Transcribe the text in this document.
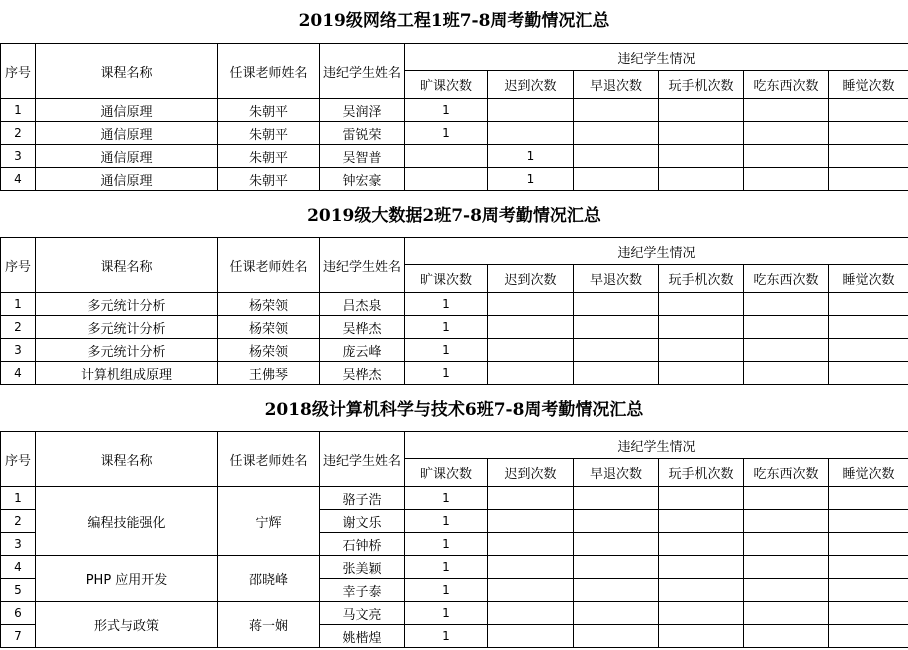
2019级网络工程1班7-8周考勤情况汇总
序号	课程名称	任课老师姓名	违纪学生姓名	违纪学生情况					
				旷课次数	迟到次数	早退次数	玩手机次数	吃东西次数	睡觉次数
1	通信原理	朱朝平	吴润泽	1					
2	通信原理	朱朝平	雷锐荣	1					
3	通信原理	朱朝平	吴智普		1				
4	通信原理	朱朝平	钟宏豪		1				
2019级大数据2班7-8周考勤情况汇总
序号	课程名称	任课老师姓名	违纪学生姓名	违纪学生情况					
				旷课次数	迟到次数	早退次数	玩手机次数	吃东西次数	睡觉次数
1	多元统计分析	杨荣领	吕杰泉	1					
2	多元统计分析	杨荣领	吴桦杰	1					
3	多元统计分析	杨荣领	庞云峰	1					
4	计算机组成原理	王佛琴	吴桦杰	1					
2018级计算机科学与技术6班7-8周考勤情况汇总
序号	课程名称	任课老师姓名	违纪学生姓名	违纪学生情况					
				旷课次数	迟到次数	早退次数	玩手机次数	吃东西次数	睡觉次数
1	编程技能强化	宁辉	骆子浩	1					
2			谢文乐	1					
3			石钟桥	1					
4	PHP 应用开发	邵晓峰	张美颖	1					
5			幸子泰	1					
6	形式与政策	蒋一娴	马文亮	1					
7			姚楷煌	1					
